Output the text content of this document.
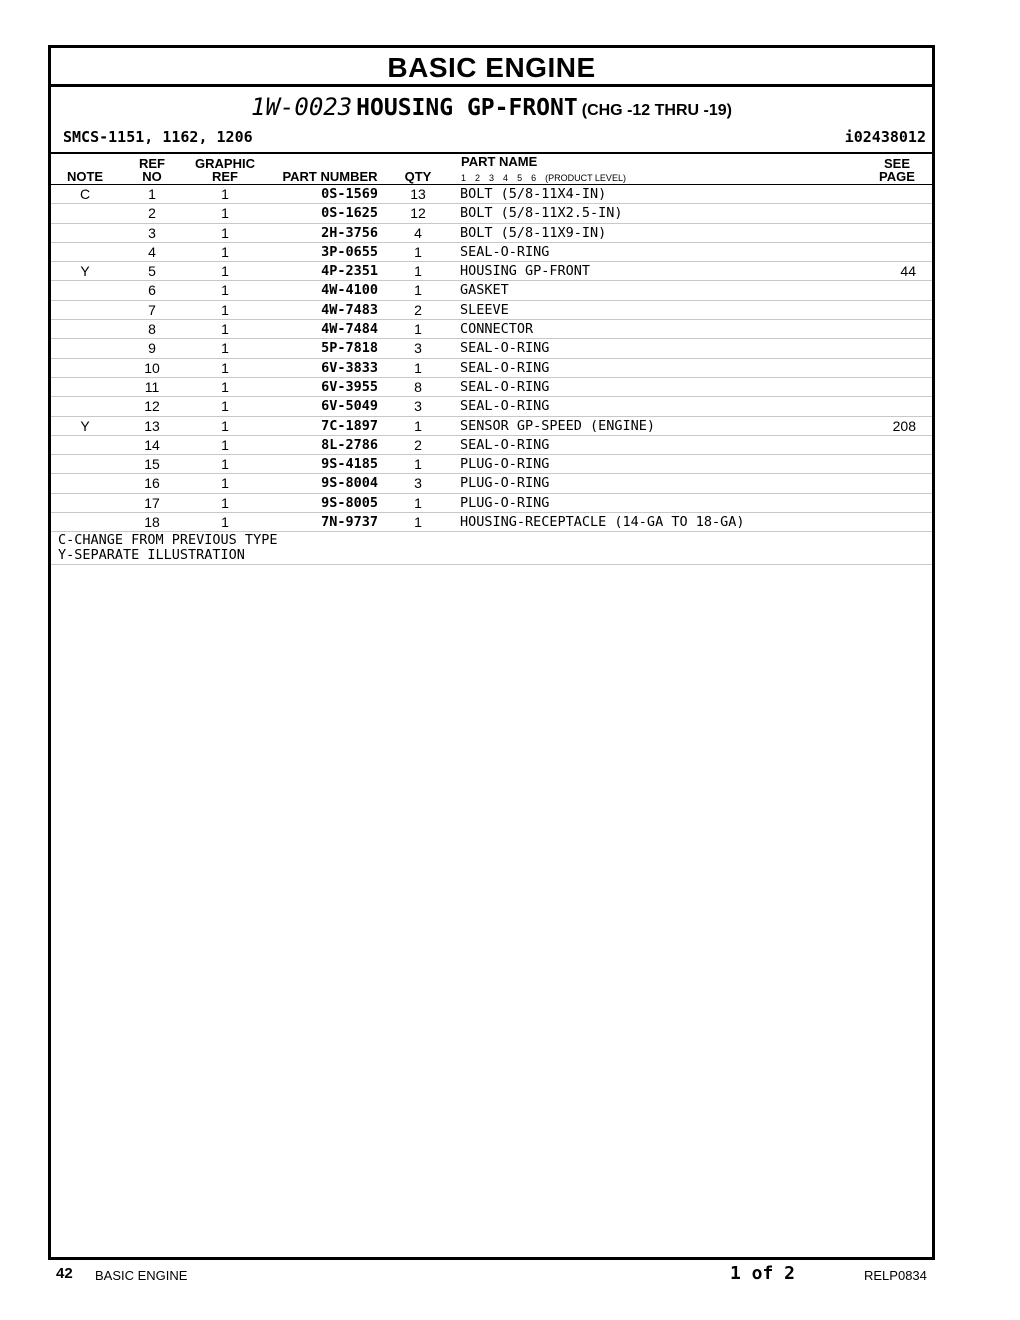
BASIC ENGINE
1W-0023 HOUSING GP-FRONT (CHG -12 THRU -19)
SMCS-1151, 1162, 1206	i02438012
NOTE
REF
NO
GRAPHIC
REF	PART NUMBER	QTY
PART NAME
1 2 3 4 5 6 (PRODUCT LEVEL)
SEE
PAGE
C	1	1	0S-1569	13	BOLT (5/8-11X4-IN)
2	1	0S-1625	12	BOLT (5/8-11X2.5-IN)
3	1	2H-3756	4	BOLT (5/8-11X9-IN)
4	1	3P-0655	1	SEAL-O-RING
Y	5	1	4P-2351	1	HOUSING GP-FRONT	44
6	1	4W-4100	1	GASKET
7	1	4W-7483	2	SLEEVE
8	1	4W-7484	1	CONNECTOR
9	1	5P-7818	3	SEAL-O-RING
10	1	6V-3833	1	SEAL-O-RING
11	1	6V-3955	8	SEAL-O-RING
12	1	6V-5049	3	SEAL-O-RING
Y	13	1	7C-1897	1	SENSOR GP-SPEED (ENGINE)	208
14	1	8L-2786	2	SEAL-O-RING
15	1	9S-4185	1	PLUG-O-RING
16	1	9S-8004	3	PLUG-O-RING
17	1	9S-8005	1	PLUG-O-RING
18	1	7N-9737	1	HOUSING-RECEPTACLE (14-GA TO 18-GA)
C-CHANGE FROM PREVIOUS TYPE
Y-SEPARATE ILLUSTRATION
42 BASIC ENGINE	1 of 2	RELP0834
